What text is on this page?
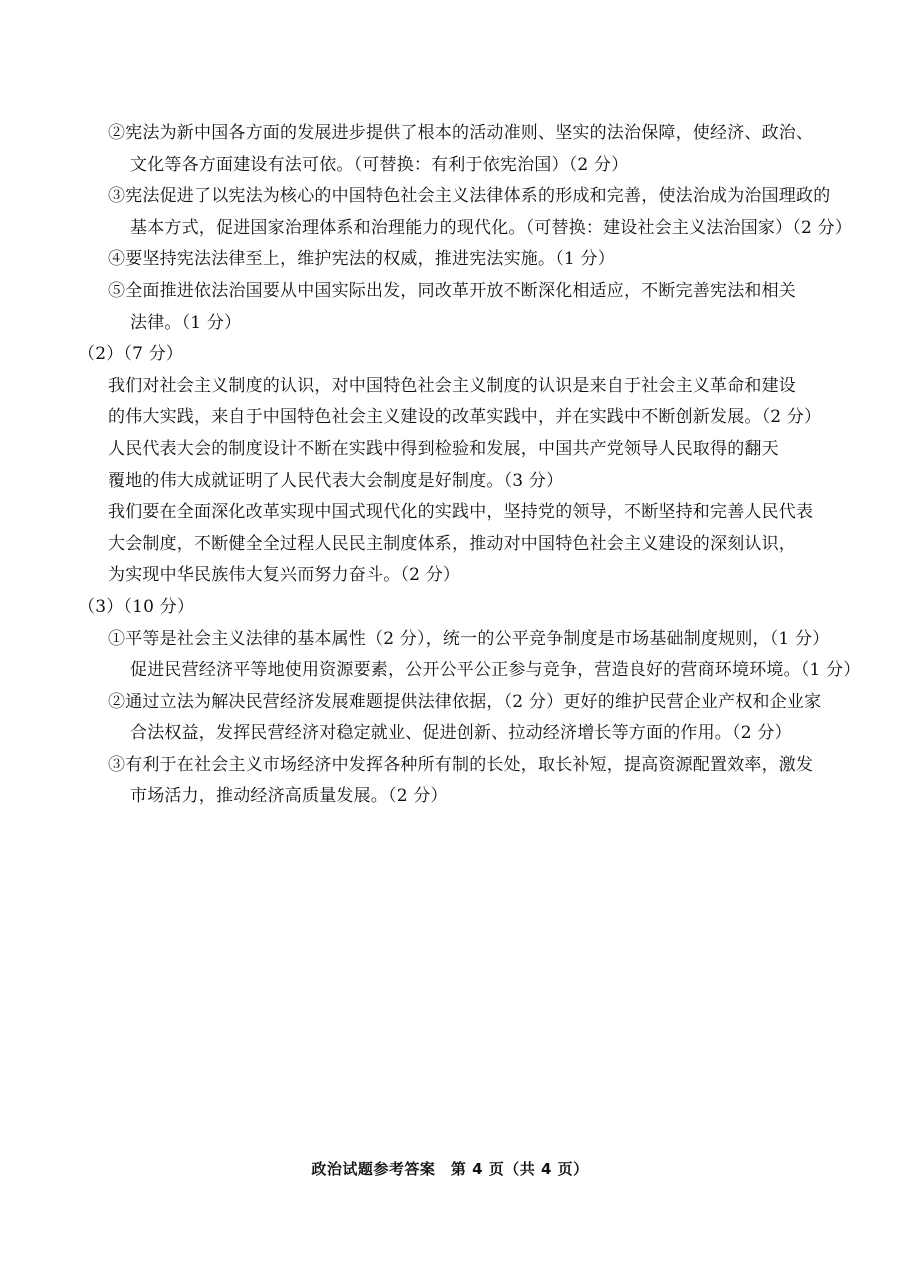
②宪法为新中国各方面的发展进步提供了根本的活动准则、坚实的法治保障，使经济、政治、
文化等各方面建设有法可依。（可替换：有利于依宪治国）（2 分）
③宪法促进了以宪法为核心的中国特色社会主义法律体系的形成和完善，使法治成为治国理政的
基本方式，促进国家治理体系和治理能力的现代化。（可替换：建设社会主义法治国家）（2 分）
④要坚持宪法法律至上，维护宪法的权威，推进宪法实施。（1 分）
⑤全面推进依法治国要从中国实际出发，同改革开放不断深化相适应，不断完善宪法和相关
法律。（1 分）
（2）（7 分）
我们对社会主义制度的认识，对中国特色社会主义制度的认识是来自于社会主义革命和建设
的伟大实践，来自于中国特色社会主义建设的改革实践中，并在实践中不断创新发展。（2 分）
人民代表大会的制度设计不断在实践中得到检验和发展，中国共产党领导人民取得的翻天
覆地的伟大成就证明了人民代表大会制度是好制度。（3 分）
我们要在全面深化改革实现中国式现代化的实践中，坚持党的领导，不断坚持和完善人民代表
大会制度，不断健全全过程人民民主制度体系，推动对中国特色社会主义建设的深刻认识，
为实现中华民族伟大复兴而努力奋斗。（2 分）
（3）（10 分）
①平等是社会主义法律的基本属性（2 分），统一的公平竞争制度是市场基础制度规则，（1 分）
促进民营经济平等地使用资源要素，公开公平公正参与竞争，营造良好的营商环境环境。（1 分）
②通过立法为解决民营经济发展难题提供法律依据，（2 分）更好的维护民营企业产权和企业家
合法权益，发挥民营经济对稳定就业、促进创新、拉动经济增长等方面的作用。（2 分）
③有利于在社会主义市场经济中发挥各种所有制的长处，取长补短，提高资源配置效率，激发
市场活力，推动经济高质量发展。（2 分）
政治试题参考答案　第 4 页（共 4 页）
